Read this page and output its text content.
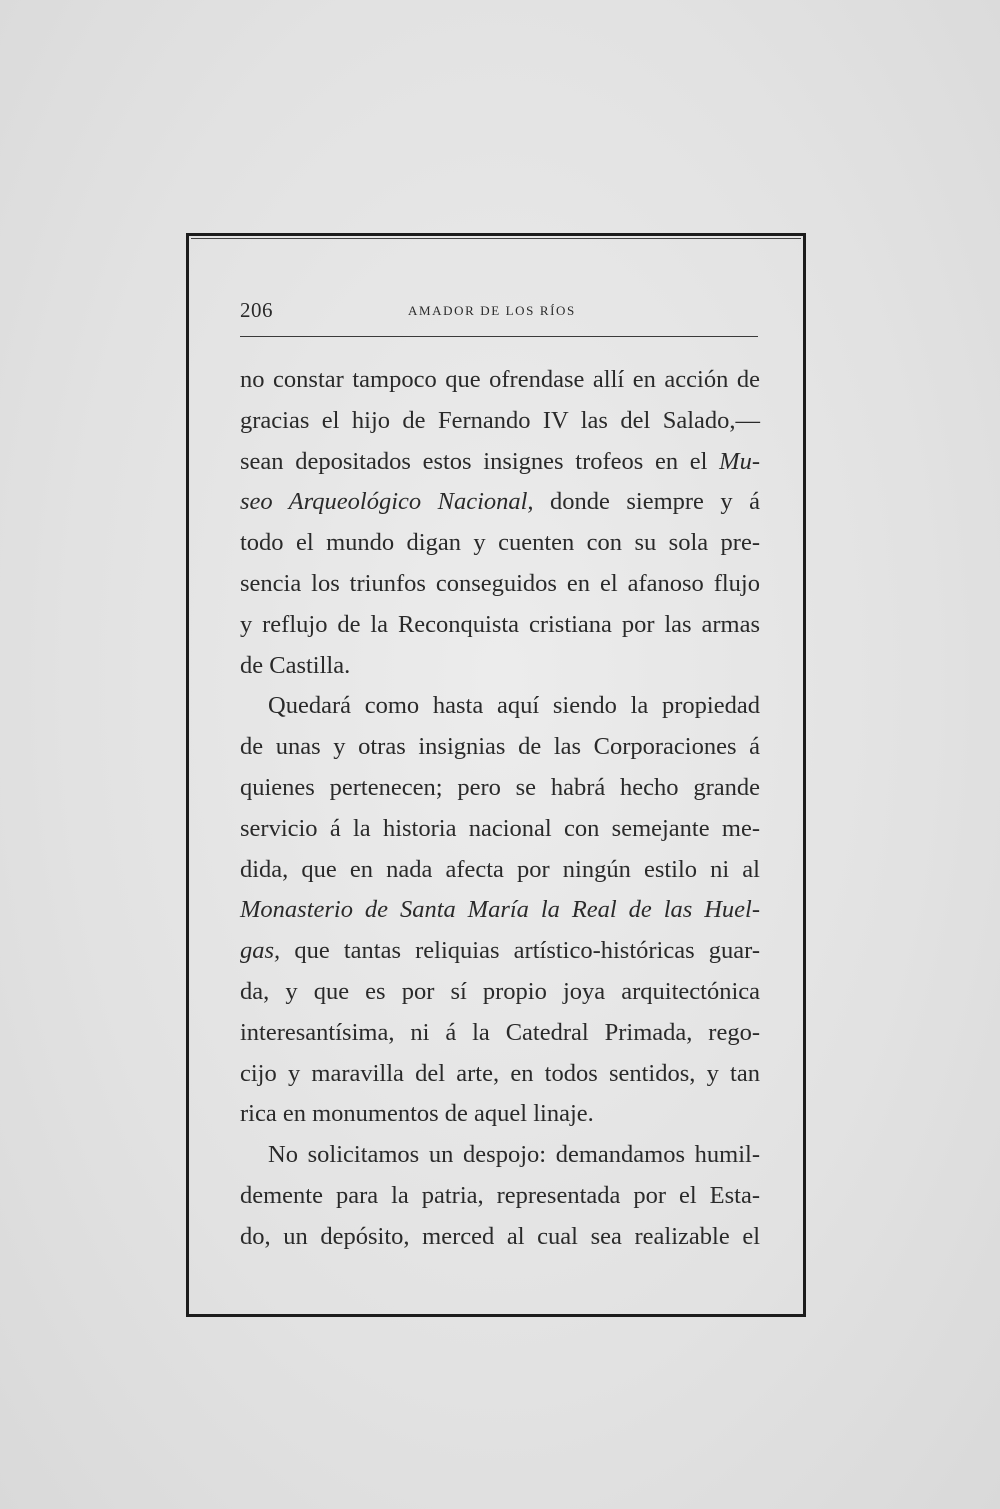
206	AMADOR DE LOS RÍOS
no constar tampoco que ofrendase allí en acción de
gracias el hijo de Fernando IV las del Salado,—
sean depositados estos insignes trofeos en el Mu-
seo Arqueológico Nacional, donde siempre y á
todo el mundo digan y cuenten con su sola pre-
sencia los triunfos conseguidos en el afanoso flujo
y reflujo de la Reconquista cristiana por las armas
de Castilla.
Quedará como hasta aquí siendo la propiedad
de unas y otras insignias de las Corporaciones á
quienes pertenecen; pero se habrá hecho grande
servicio á la historia nacional con semejante me-
dida, que en nada afecta por ningún estilo ni al
Monasterio de Santa María la Real de las Huel-
gas, que tantas reliquias artístico-históricas guar-
da, y que es por sí propio joya arquitectónica
interesantísima, ni á la Catedral Primada, rego-
cijo y maravilla del arte, en todos sentidos, y tan
rica en monumentos de aquel linaje.
No solicitamos un despojo: demandamos humil-
demente para la patria, representada por el Esta-
do, un depósito, merced al cual sea realizable el
